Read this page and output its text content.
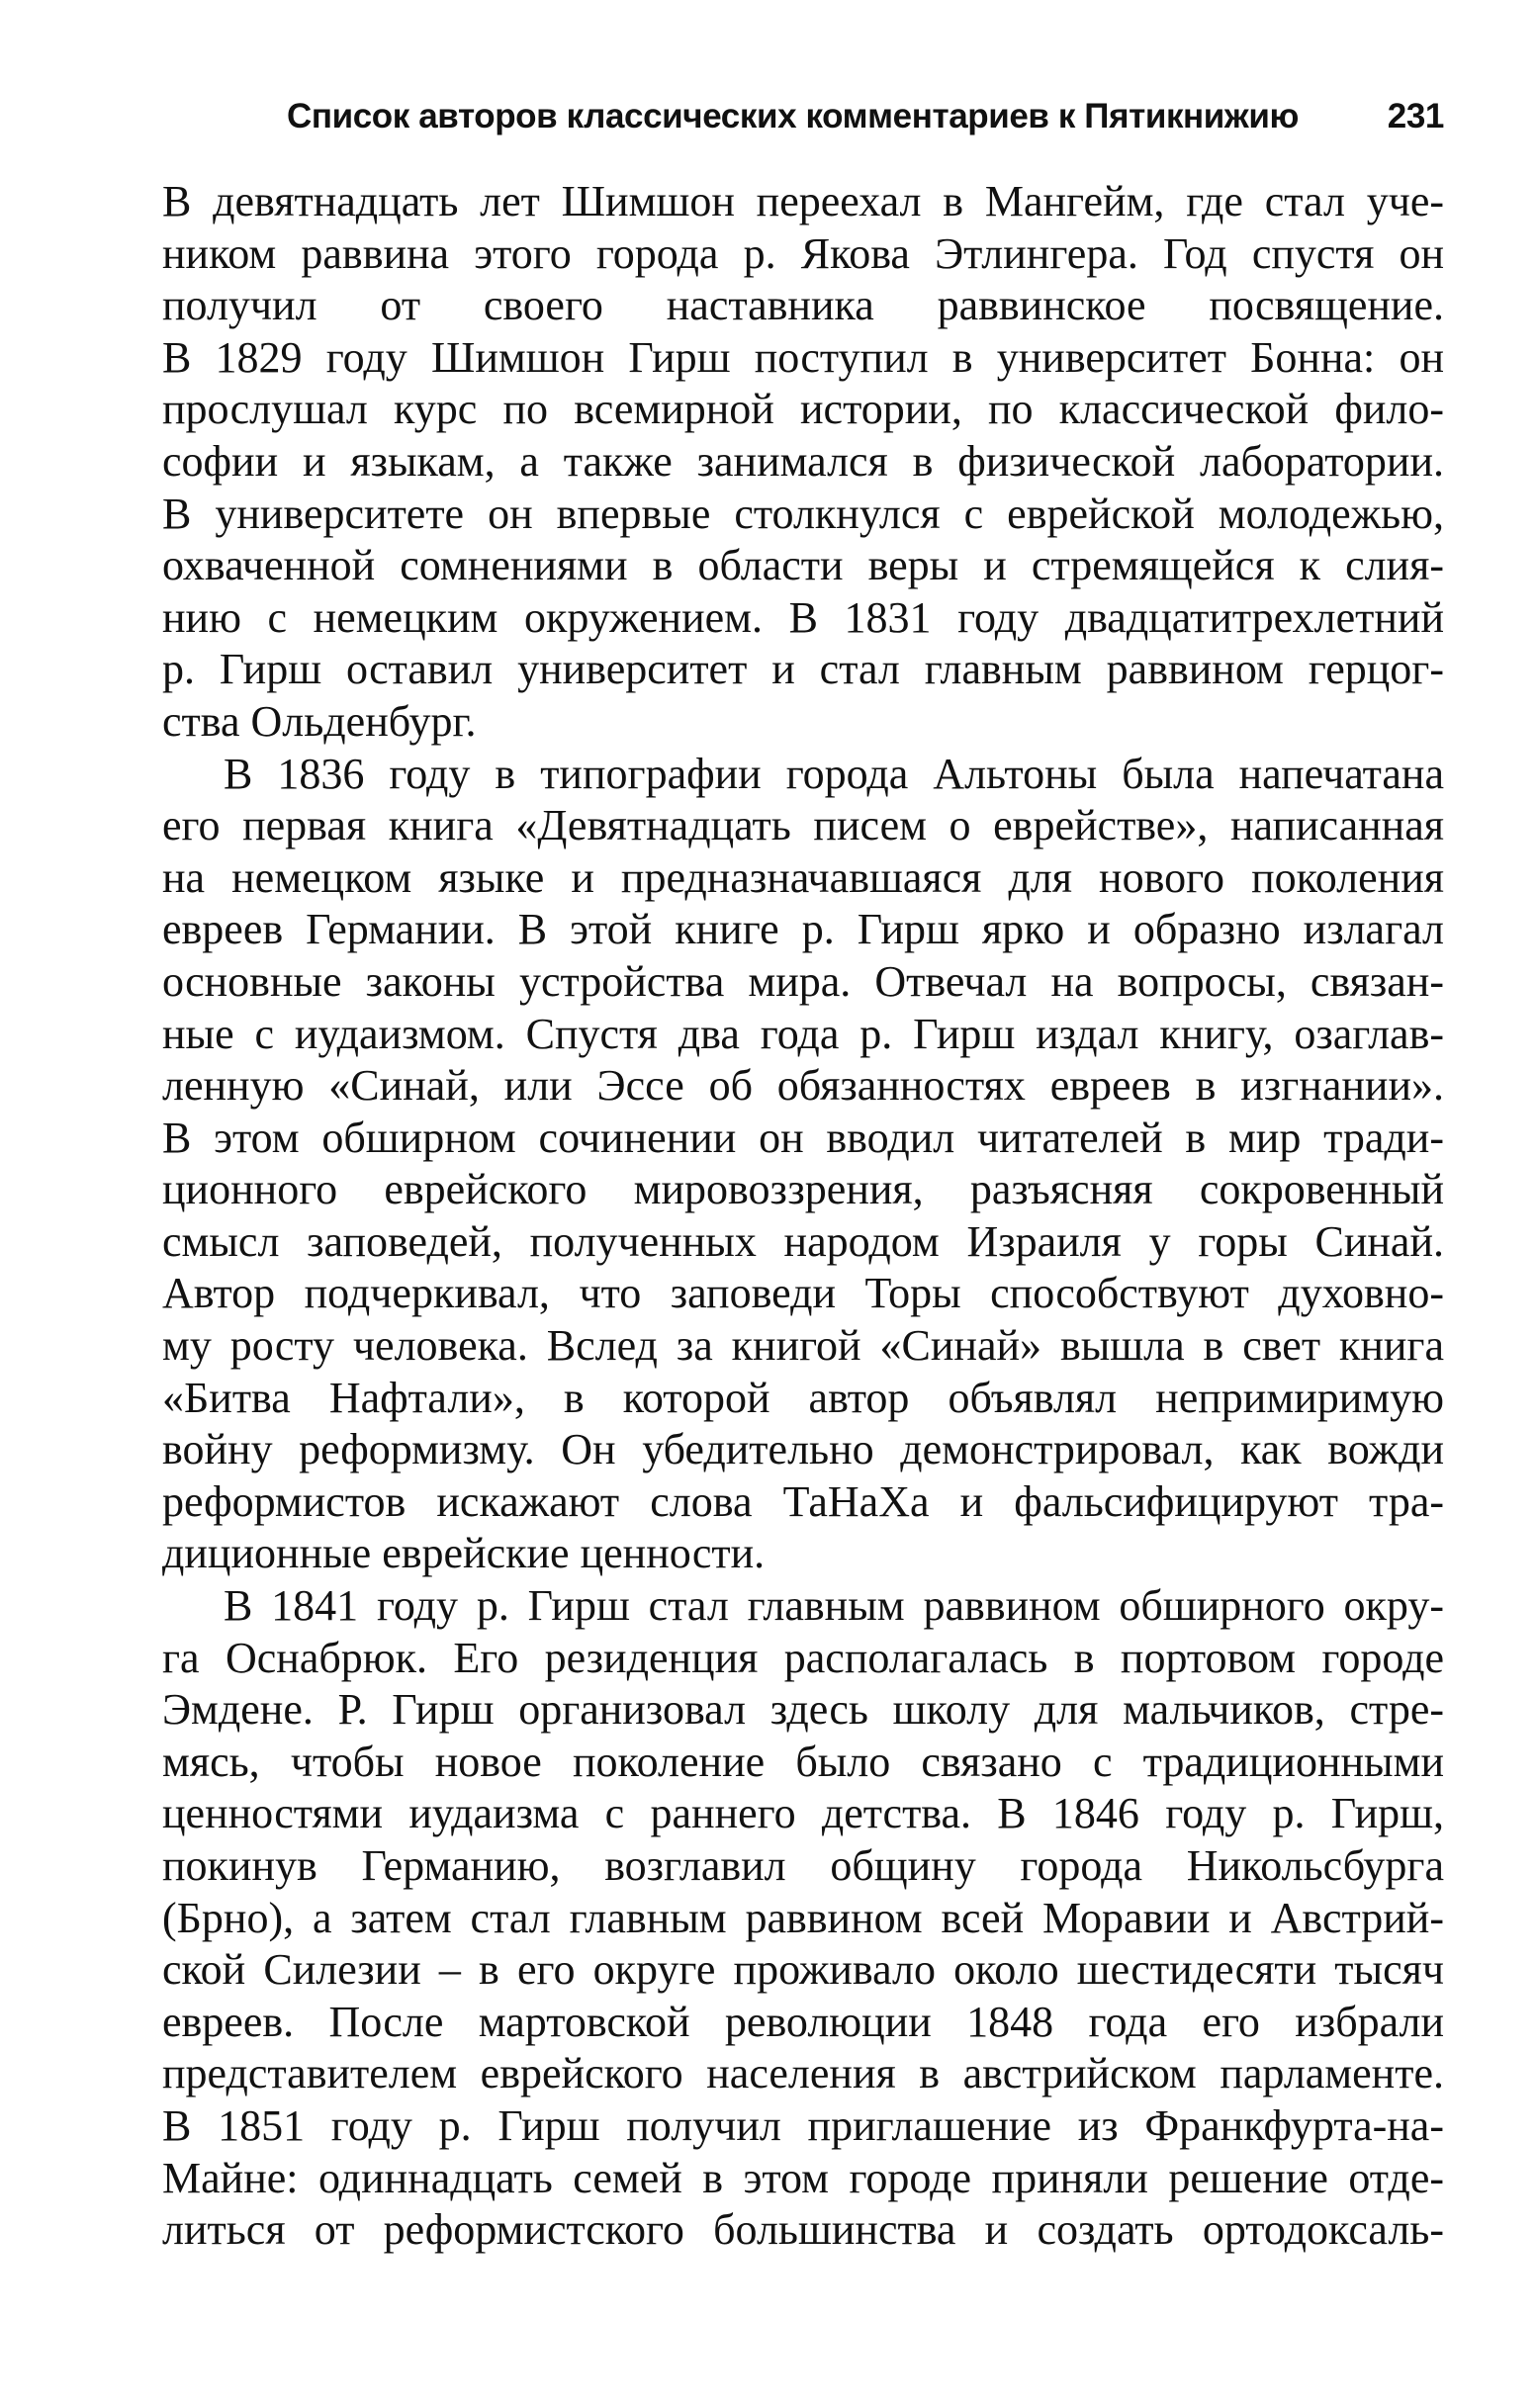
Список авторов классических комментариев к Пятикнижию	231

В девятнадцать лет Шимшон переехал в Мангейм, где стал уче-
ником раввина этого города р. Якова Этлингера. Год спустя он
получил от своего наставника раввинское посвящение.
В 1829 году Шимшон Гирш поступил в университет Бонна: он
прослушал курс по всемирной истории, по классической фило-
софии и языкам, а также занимался в физической лаборатории.
В университете он впервые столкнулся с еврейской молодежью,
охваченной сомнениями в области веры и стремящейся к слия-
нию с немецким окружением. В 1831 году двадцатитрехлетний
р. Гирш оставил университет и стал главным раввином герцог-
ства Ольденбург.

В 1836 году в типографии города Альтоны была напечатана
его первая книга «Девятнадцать писем о еврействе», написанная
на немецком языке и предназначавшаяся для нового поколения
евреев Германии. В этой книге р. Гирш ярко и образно излагал
основные законы устройства мира. Отвечал на вопросы, связан-
ные с иудаизмом. Спустя два года р. Гирш издал книгу, озаглав-
ленную «Синай, или Эссе об обязанностях евреев в изгнании».
В этом обширном сочинении он вводил читателей в мир тради-
ционного еврейского мировоззрения, разъясняя сокровенный
смысл заповедей, полученных народом Израиля у горы Синай.
Автор подчеркивал, что заповеди Торы способствуют духовно-
му росту человека. Вслед за книгой «Синай» вышла в свет книга
«Битва Нафтали», в которой автор объявлял непримиримую
войну реформизму. Он убедительно демонстрировал, как вожди
реформистов искажают слова ТаНаХа и фальсифицируют тра-
диционные еврейские ценности.

В 1841 году р. Гирш стал главным раввином обширного окру-
га Оснабрюк. Его резиденция располагалась в портовом городе
Эмдене. Р. Гирш организовал здесь школу для мальчиков, стре-
мясь, чтобы новое поколение было связано с традиционными
ценностями иудаизма с раннего детства. В 1846 году р. Гирш,
покинув Германию, возглавил общину города Никольсбурга
(Брно), а затем стал главным раввином всей Моравии и Австрий-
ской Силезии – в его округе проживало около шестидесяти тысяч
евреев. После мартовской революции 1848 года его избрали
представителем еврейского населения в австрийском парламенте.
В 1851 году р. Гирш получил приглашение из Франкфурта-на-
Майне: одиннадцать семей в этом городе приняли решение отде-
литься от реформистского большинства и создать ортодоксаль-
